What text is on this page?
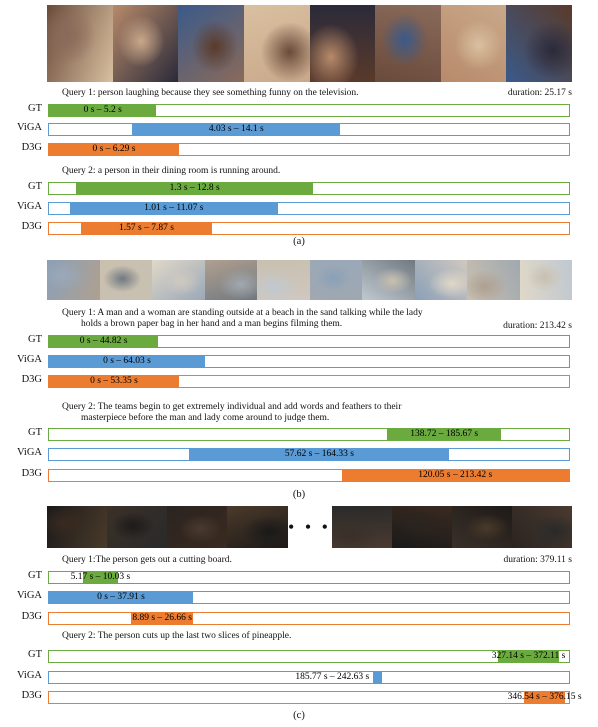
Query 1: person laughing because they see something funny on the television.	duration: 25.17 s
GT	0 s – 5.2 s
ViGA	4.03 s – 14.1 s
D3G	0 s – 6.29 s
Query 2: a person in their dining room is running around.
GT	1.3 s – 12.8 s
ViGA	1.01 s – 11.07 s
D3G	1.57 s – 7.87 s
(a)
Query 1: A man and a woman are standing outside at a beach in the sand talking while the lady
holds a brown paper bag in her hand and a man begins filming them.	duration: 213.42 s
GT	0 s – 44.82 s
ViGA	0 s – 64.03 s
D3G	0 s – 53.35 s
Query 2: The teams begin to get extremely individual and add words and feathers to their
masterpiece before the man and lady come around to judge them.
GT	138.72 – 185.67 s
ViGA	57.62 s – 164.33 s
D3G	120.05 s – 213.42 s
(b)
• • •
Query 1:The person gets out a cutting board.	duration: 379.11 s
GT	5.17 s – 10.03 s
ViGA	0 s – 37.91 s
D3G	8.89 s – 26.66 s
Query 2: The person cuts up the last two slices of pineapple.
GT	327.14 s – 372.11 s
ViGA	185.77 s – 242.63 s
D3G	346.54 s – 376.15 s
(c)
